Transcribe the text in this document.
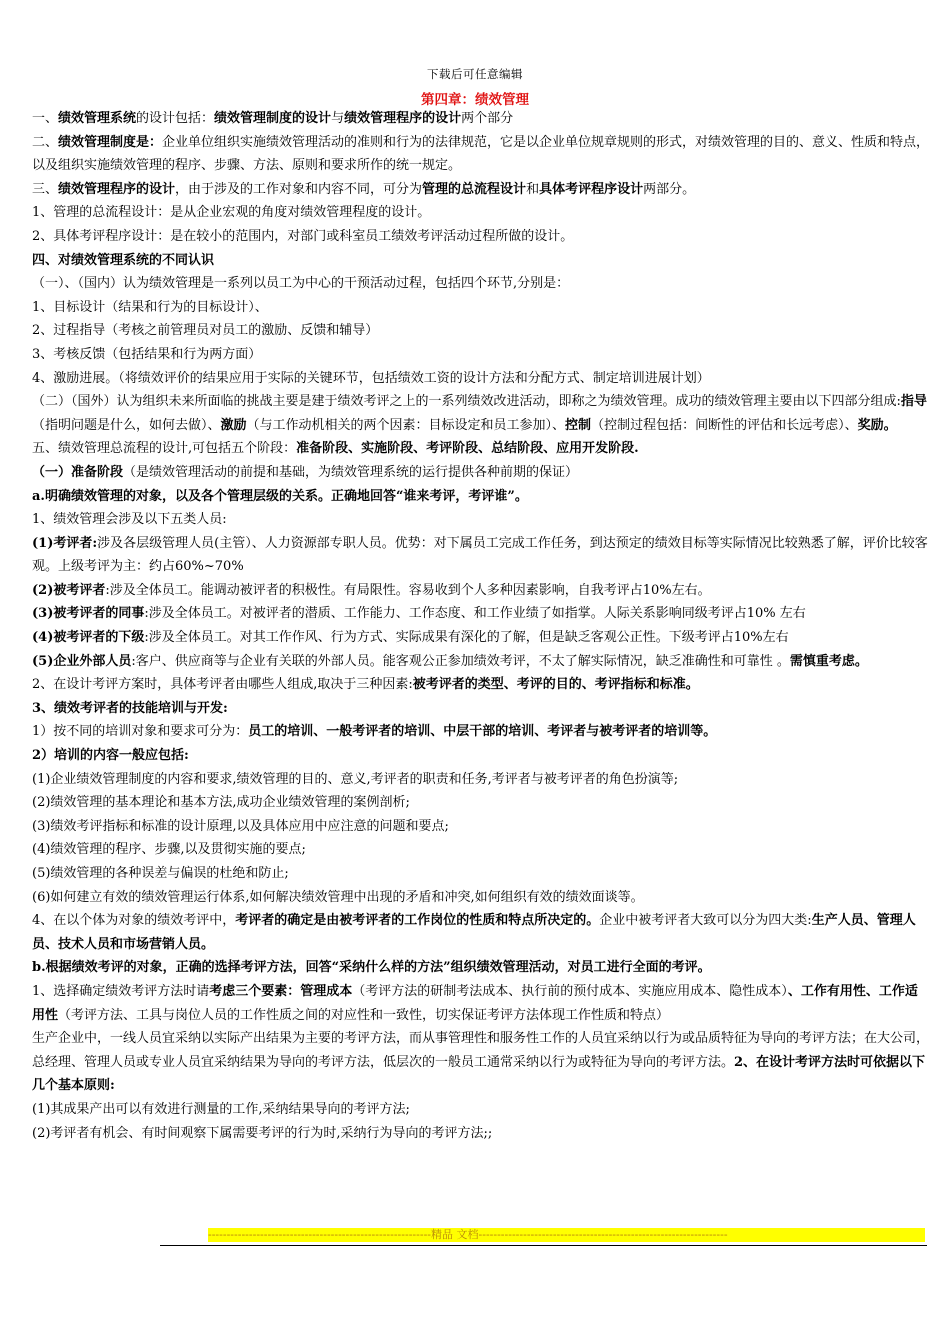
下载后可任意编辑
第四章：绩效管理

一、绩效管理系统的设计包括：绩效管理制度的设计与绩效管理程序的设计两个部分

二、绩效管理制度是：企业单位组织实施绩效管理活动的准则和行为的法律规范，它是以企业单位规章规则的形式，对绩效管理的目的、意义、性质和特点，以及组织实施绩效管理的程序、步骤、方法、原则和要求所作的统一规定。

三、绩效管理程序的设计，由于涉及的工作对象和内容不同，可分为管理的总流程设计和具体考评程序设计两部分。

1、管理的总流程设计：是从企业宏观的角度对绩效管理程度的设计。

2、具体考评程序设计：是在较小的范围内，对部门或科室员工绩效考评活动过程所做的设计。

四、对绩效管理系统的不同认识

（一）、（国内）认为绩效管理是一系列以员工为中心的干预活动过程，包括四个环节,分别是：

1、目标设计（结果和行为的目标设计）、

2、过程指导（考核之前管理员对员工的激励、反馈和辅导）

3、考核反馈（包括结果和行为两方面）

4、激励进展。（将绩效评价的结果应用于实际的关键环节，包括绩效工资的设计方法和分配方式、制定培训进展计划）

（二）（国外）认为组织未来所面临的挑战主要是建于绩效考评之上的一系列绩效改进活动，即称之为绩效管理。成功的绩效管理主要由以下四部分组成:指导（指明问题是什么，如何去做）、激励（与工作动机相关的两个因素：目标设定和员工参加）、控制（控制过程包括：间断性的评估和长远考虑）、奖励。

五、绩效管理总流程的设计,可包括五个阶段：准备阶段、实施阶段、考评阶段、总结阶段、应用开发阶段.

（一）准备阶段（是绩效管理活动的前提和基础，为绩效管理系统的运行提供各种前期的保证）

a.明确绩效管理的对象，以及各个管理层级的关系。正确地回答“谁来考评，考评谁”。

1、绩效管理会涉及以下五类人员:

(1)考评者:涉及各层级管理人员(主管）、人力资源部专职人员。优势：对下属员工完成工作任务，到达预定的绩效目标等实际情况比较熟悉了解，评价比较客观。上级考评为主：约占60%~70%

(2)被考评者:涉及全体员工。能调动被评者的积极性。有局限性。容易收到个人多种因素影响，自我考评占10%左右。

(3)被考评者的同事:涉及全体员工。对被评者的潜质、工作能力、工作态度、和工作业绩了如指掌。人际关系影响同级考评占10% 左右

(4)被考评者的下级:涉及全体员工。对其工作作风、行为方式、实际成果有深化的了解，但是缺乏客观公正性。下级考评占10%左右

(5)企业外部人员:客户、供应商等与企业有关联的外部人员。能客观公正参加绩效考评，不太了解实际情况，缺乏准确性和可靠性 。需慎重考虑。

2、在设计考评方案时，具体考评者由哪些人组成,取决于三种因素:被考评者的类型、考评的目的、考评指标和标准。

3、绩效考评者的技能培训与开发:

1）按不同的培训对象和要求可分为：员工的培训、一般考评者的培训、中层干部的培训、考评者与被考评者的培训等。

2）培训的内容一般应包括:

(1)企业绩效管理制度的内容和要求,绩效管理的目的、意义,考评者的职责和任务,考评者与被考评者的角色扮演等;

(2)绩效管理的基本理论和基本方法,成功企业绩效管理的案例剖析;

(3)绩效考评指标和标准的设计原理,以及具体应用中应注意的问题和要点;

(4)绩效管理的程序、步骤,以及贯彻实施的要点;

(5)绩效管理的各种误差与偏误的杜绝和防止;

(6)如何建立有效的绩效管理运行体系,如何解决绩效管理中出现的矛盾和冲突,如何组织有效的绩效面谈等。

4、在以个体为对象的绩效考评中，考评者的确定是由被考评者的工作岗位的性质和特点所决定的。企业中被考评者大致可以分为四大类:生产人员、管理人员、技术人员和市场营销人员。

b.根据绩效考评的对象，正确的选择考评方法，回答“采纳什么样的方法”组织绩效管理活动，对员工进行全面的考评。

1、选择确定绩效考评方法时请考虑三个要素：管理成本（考评方法的研制考法成本、执行前的预付成本、实施应用成本、隐性成本）、工作有用性、工作适用性（考评方法、工具与岗位人员的工作性质之间的对应性和一致性，切实保证考评方法体现工作性质和特点）

生产企业中，一线人员宜采纳以实际产出结果为主要的考评方法，而从事管理性和服务性工作的人员宜采纳以行为或品质特征为导向的考评方法；在大公司，总经理、管理人员或专业人员宜采纳结果为导向的考评方法，低层次的一般员工通常采纳以行为或特征为导向的考评方法。2、在设计考评方法时可依据以下几个基本原则:

(1)其成果产出可以有效进行测量的工作,采纳结果导向的考评方法;

(2)考评者有机会、有时间观察下属需要考评的行为时,采纳行为导向的考评方法;;

------------------------------------------------------------精品 文档-------------------------------------------------------------------
